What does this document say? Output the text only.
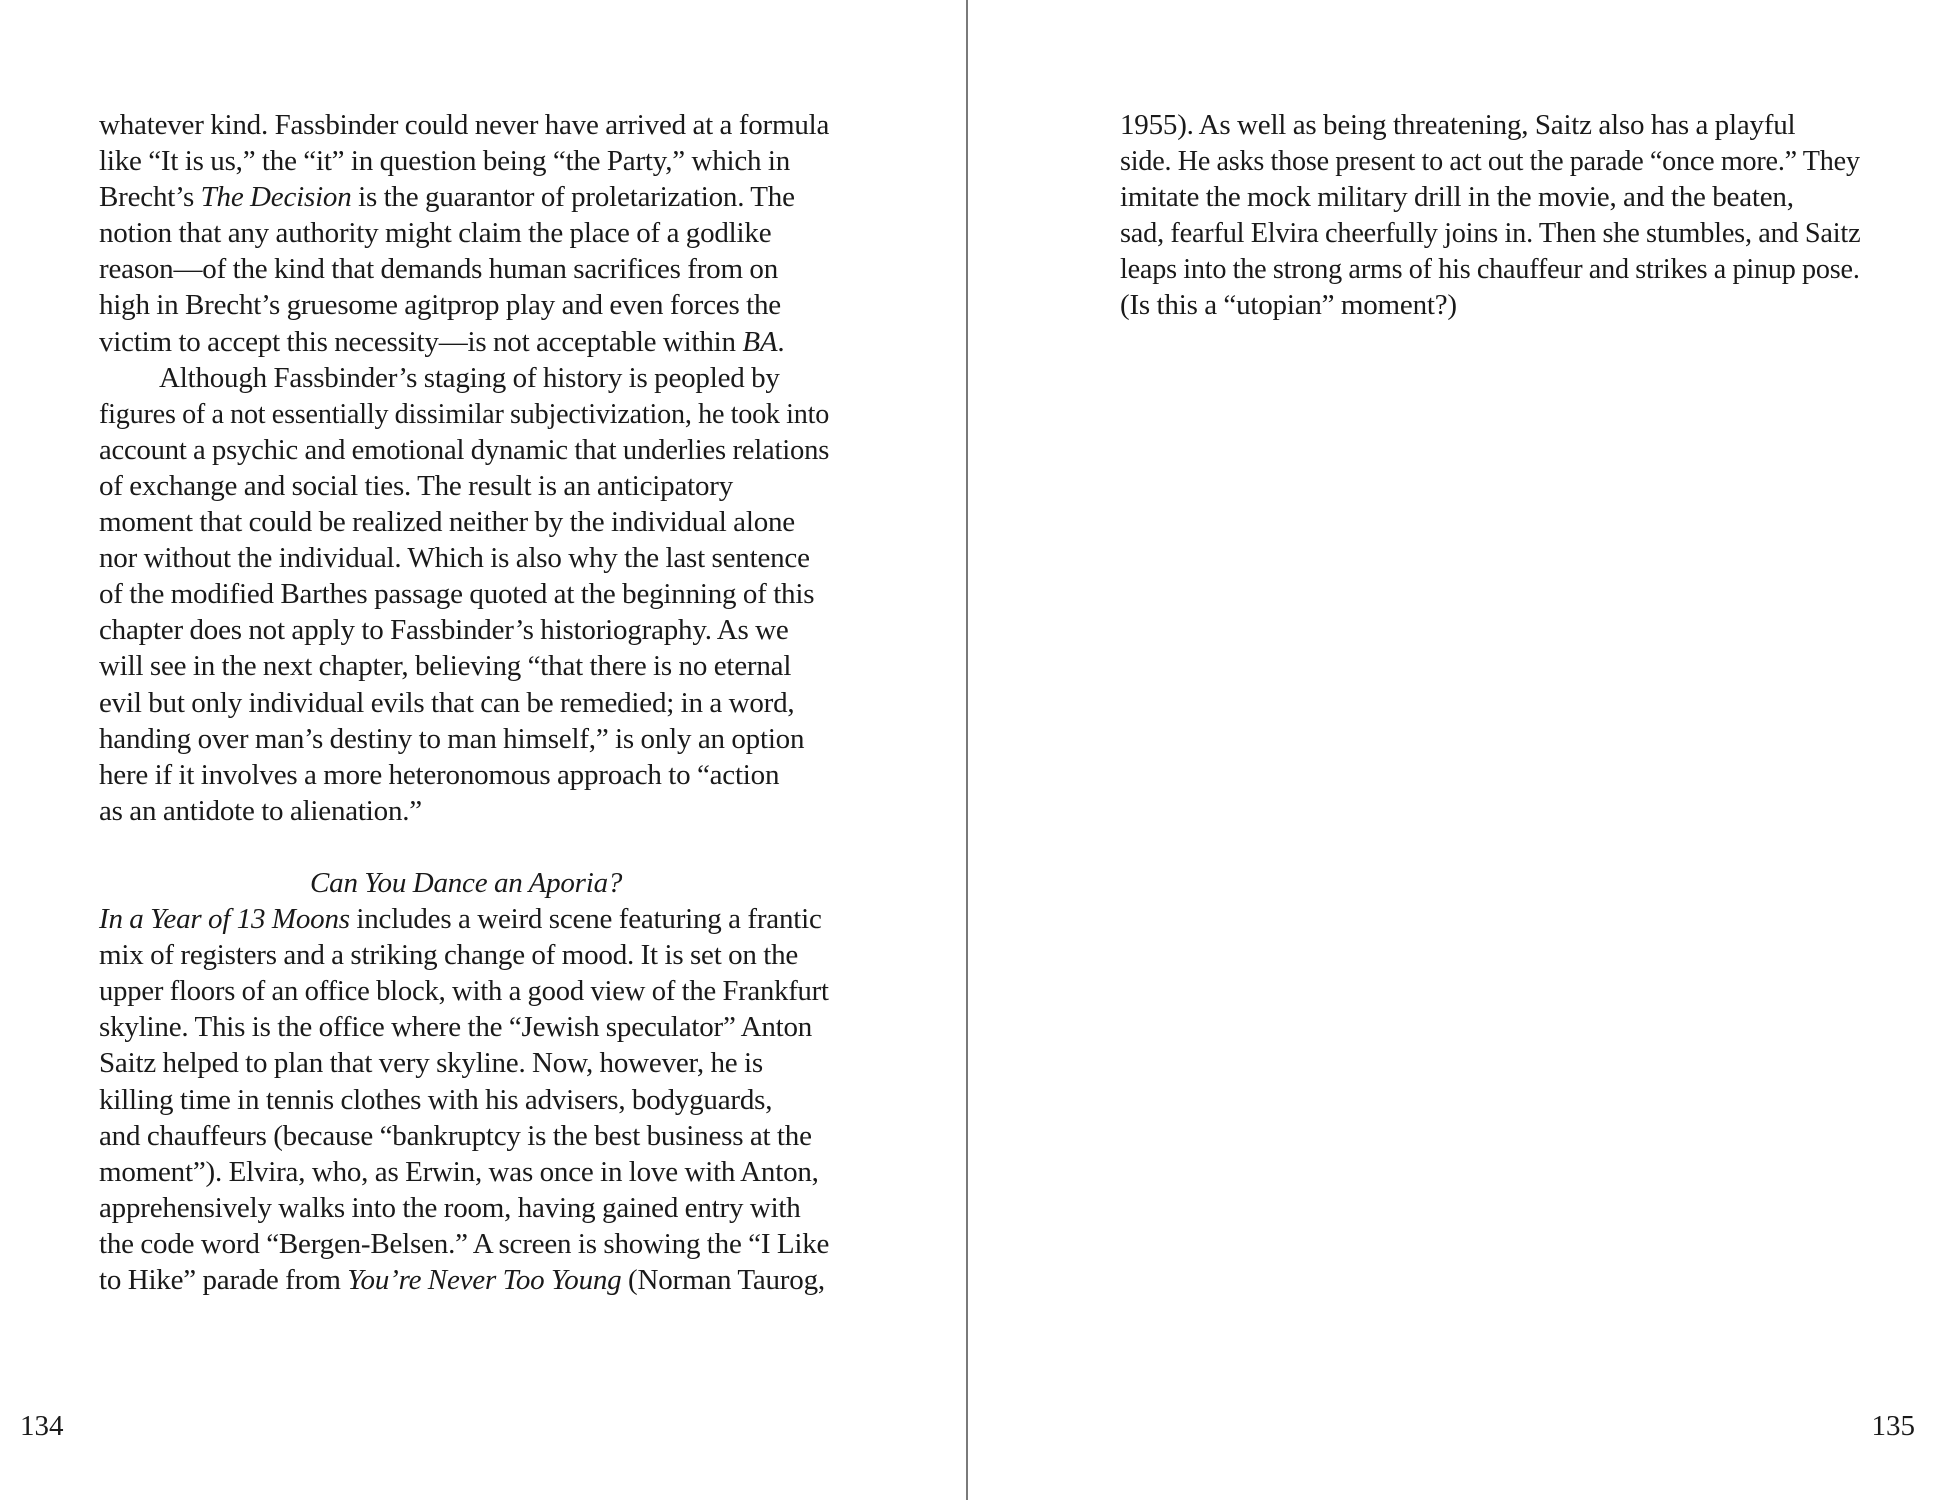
whatever kind. Fassbinder could never have arrived at a formula
like “It is us,” the “it” in question being “the Party,” which in
Brecht’s The Decision is the guarantor of proletarization. The
notion that any authority might claim the place of a godlike
reason—of the kind that demands human sacrifices from on
high in Brecht’s gruesome agitprop play and even forces the
victim to accept this necessity—is not acceptable within BA.
Although Fassbinder’s staging of history is peopled by
figures of a not essentially dissimilar subjectivization, he took into
account a psychic and emotional dynamic that underlies relations
of exchange and social ties. The result is an anticipatory
moment that could be realized neither by the individual alone
nor without the individual. Which is also why the last sentence
of the modified Barthes passage quoted at the beginning of this
chapter does not apply to Fassbinder’s historiography. As we
will see in the next chapter, believing “that there is no eternal
evil but only individual evils that can be remedied; in a word,
handing over man’s destiny to man himself,” is only an option
here if it involves a more heteronomous approach to “action
as an antidote to alienation.”
Can You Dance an Aporia?
In a Year of 13 Moons includes a weird scene featuring a frantic
mix of registers and a striking change of mood. It is set on the
upper floors of an office block, with a good view of the Frankfurt
skyline. This is the office where the “Jewish speculator” Anton
Saitz helped to plan that very skyline. Now, however, he is
killing time in tennis clothes with his advisers, bodyguards,
and chauffeurs (because “bankruptcy is the best business at the
moment”). Elvira, who, as Erwin, was once in love with Anton,
apprehensively walks into the room, having gained entry with
the code word “Bergen-Belsen.” A screen is showing the “I Like
to Hike” parade from You’re Never Too Young (Norman Taurog,
134	135
1955). As well as being threatening, Saitz also has a playful
side. He asks those present to act out the parade “once more.” They
imitate the mock military drill in the movie, and the beaten,
sad, fearful Elvira cheerfully joins in. Then she stumbles, and Saitz
leaps into the strong arms of his chauffeur and strikes a pinup pose.
(Is this a “utopian” moment?)
